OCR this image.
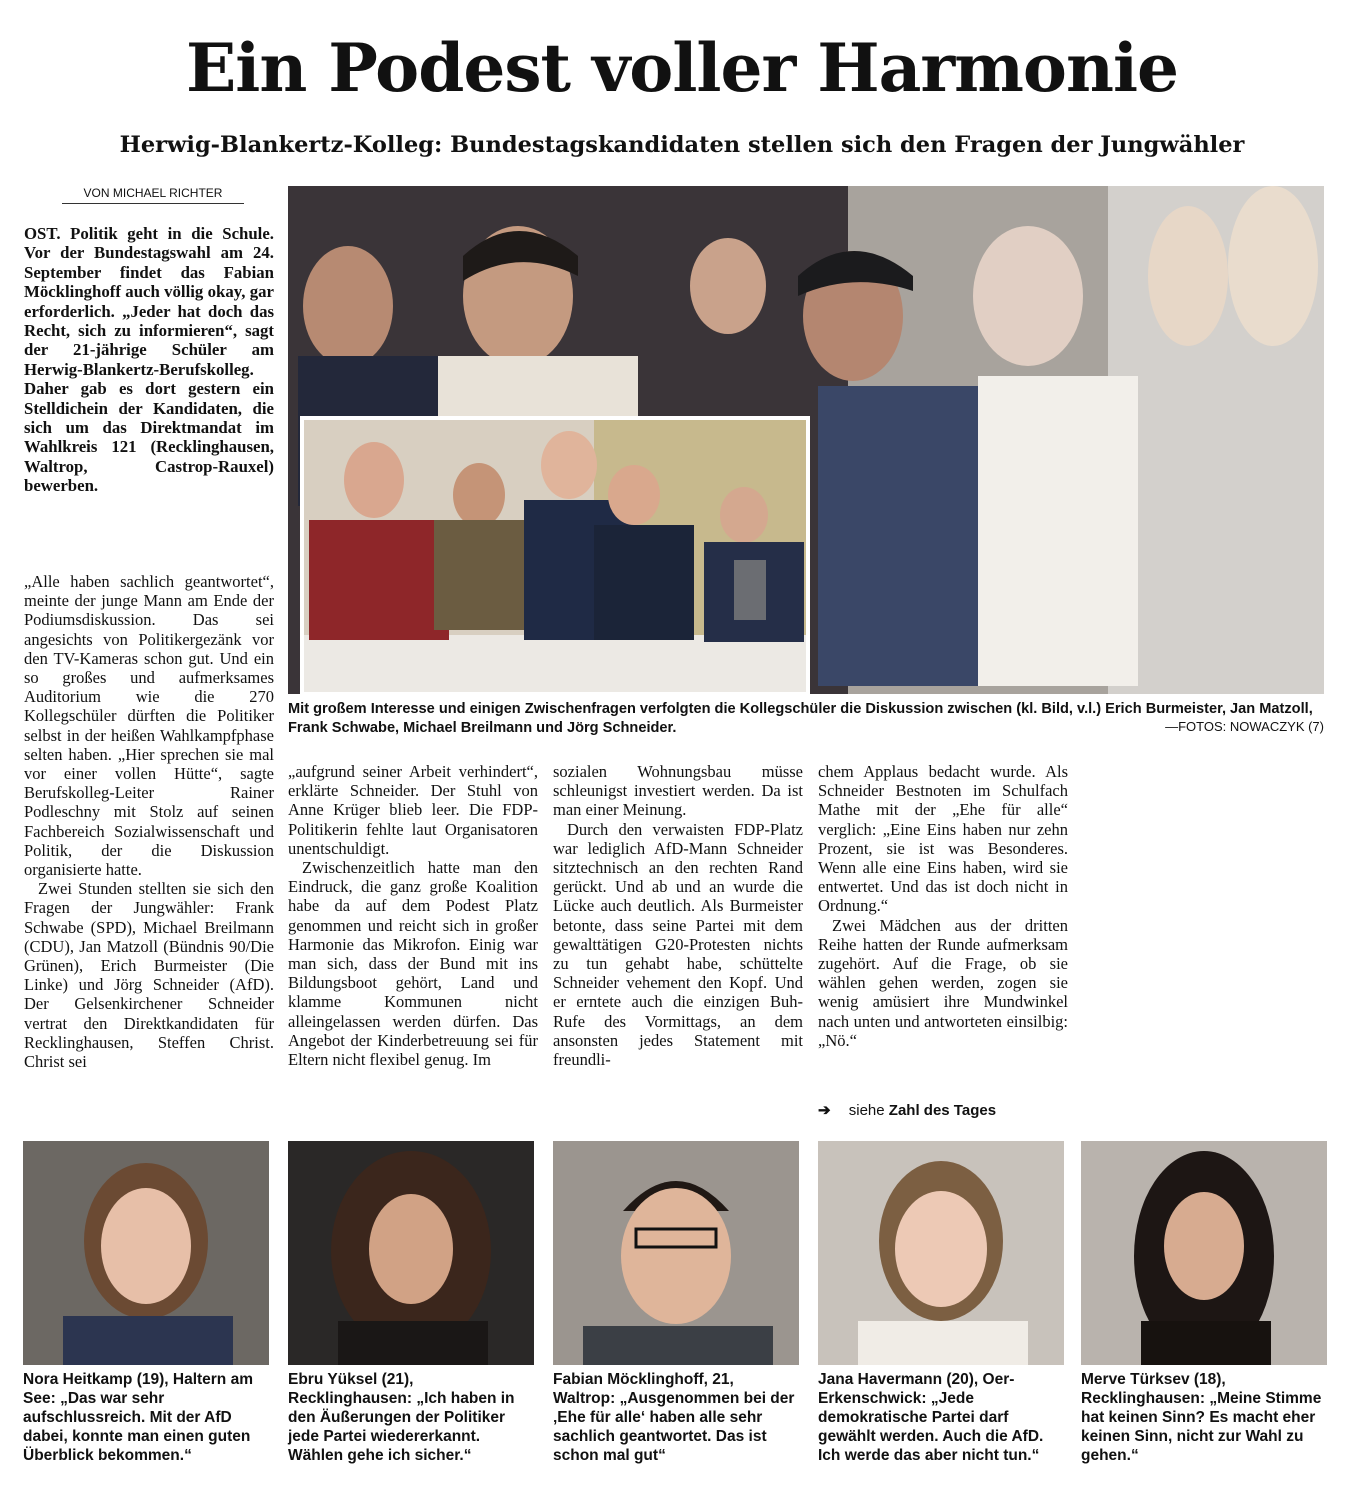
Ein Podest voller Harmonie
Herwig-Blankertz-Kolleg: Bundestagskandidaten stellen sich den Fragen der Jungwähler
VON MICHAEL RICHTER

OST. Politik geht in die Schule. Vor der Bundestagswahl am 24. September findet das Fabian Möcklinghoff auch völlig okay, gar erforderlich. „Jeder hat doch das Recht, sich zu informieren“, sagt der 21-jährige Schüler am Herwig-Blankertz-Berufskolleg. Daher gab es dort gestern ein Stelldichein der Kandidaten, die sich um das Direktmandat im Wahlkreis 121 (Recklinghausen, Waltrop, Castrop-Rauxel) bewerben.

„Alle haben sachlich geantwortet“, meinte der junge Mann am Ende der Podiumsdiskussion. Das sei angesichts von Politikergezänk vor den TV-Kameras schon gut. Und ein so großes und aufmerksames Auditorium wie die 270 Kollegschüler dürften die Politiker selbst in der heißen Wahlkampfphase selten haben. „Hier sprechen sie mal vor einer vollen Hütte“, sagte Berufskolleg-Leiter Rainer Podleschny mit Stolz auf seinen Fachbereich Sozialwissenschaft und Politik, der die Diskussion organisierte hatte.

Zwei Stunden stellten sie sich den Fragen der Jungwähler: Frank Schwabe (SPD), Michael Breilmann (CDU), Jan Matzoll (Bündnis 90/Die Grünen), Erich Burmeister (Die Linke) und Jörg Schneider (AfD). Der Gelsenkirchener Schneider vertrat den Direktkandidaten für Recklinghausen, Steffen Christ. Christ sei

Mit großem Interesse und einigen Zwischenfragen verfolgten die Kollegschüler die Diskussion zwischen (kl. Bild, v.l.) Erich Burmeister, Jan Matzoll, Frank Schwabe, Michael Breilmann und Jörg Schneider.	—FOTOS: NOWACZYK (7)

„aufgrund seiner Arbeit verhindert“, erklärte Schneider. Der Stuhl von Anne Krüger blieb leer. Die FDP-Politikerin fehlte laut Organisatoren unentschuldigt.

Zwischenzeitlich hatte man den Eindruck, die ganz große Koalition habe da auf dem Podest Platz genommen und reicht sich in großer Harmonie das Mikrofon. Einig war man sich, dass der Bund mit ins Bildungsboot gehört, Land und klamme Kommunen nicht alleingelassen werden dürfen. Das Angebot der Kinderbetreuung sei für Eltern nicht flexibel genug. Im

sozialen Wohnungsbau müsse schleunigst investiert werden. Da ist man einer Meinung.

Durch den verwaisten FDP-Platz war lediglich AfD-Mann Schneider sitztechnisch an den rechten Rand gerückt. Und ab und an wurde die Lücke auch deutlich. Als Burmeister betonte, dass seine Partei mit dem gewalttätigen G20-Protesten nichts zu tun gehabt habe, schüttelte Schneider vehement den Kopf. Und er erntete auch die einzigen Buh-Rufe des Vormittags, an dem ansonsten jedes Statement mit freundli-

chem Applaus bedacht wurde. Als Schneider Bestnoten im Schulfach Mathe mit der „Ehe für alle“ verglich: „Eine Eins haben nur zehn Prozent, sie ist was Besonderes. Wenn alle eine Eins haben, wird sie entwertet. Und das ist doch nicht in Ordnung.“

Zwei Mädchen aus der dritten Reihe hatten der Runde aufmerksam zugehört. Auf die Frage, ob sie wählen gehen werden, zogen sie wenig amüsiert ihre Mundwinkel nach unten und antworteten einsilbig: „Nö.“

➔ siehe Zahl des Tages
Nora Heitkamp (19), Haltern am See: „Das war sehr aufschlussreich. Mit der AfD dabei, konnte man einen guten Überblick bekommen.“
Ebru Yüksel (21), Recklinghausen: „Ich haben in den Äußerungen der Politiker jede Partei wiedererkannt. Wählen gehe ich sicher.“
Fabian Möcklinghoff, 21, Waltrop: „Ausgenommen bei der ‚Ehe für alle‘ haben alle sehr sachlich geantwortet. Das ist schon mal gut“
Jana Havermann (20), Oer-Erkenschwick: „Jede demokratische Partei darf gewählt werden. Auch die AfD. Ich werde das aber nicht tun.“
Merve Türksev (18), Recklinghausen: „Meine Stimme hat keinen Sinn? Es macht eher keinen Sinn, nicht zur Wahl zu gehen.“
